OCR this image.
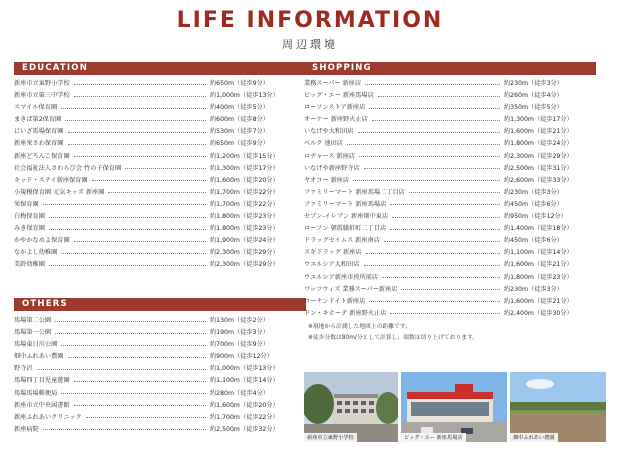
LIFE INFORMATION
周辺環境
EDUCATION
新座市立東野小学校	約650m（徒歩9分）
新座市立第三中学校	約1,000m（徒歩13分）
スマイル保育園	約400m（徒歩5分）
まきば第2保育園	約600m（徒歩8分）
にいざ馬場保育園	約530m（徒歩7分）
新座栄さわ保育園	約650m（徒歩9分）
新座どろんこ保育園	約1,200m（徒歩15分）
社会福祉法人さわらび会 竹の子保育園	約1,300m（徒歩17分）
キッド・ステイ新座保育園	約1,600m（徒歩20分）
小規模保育園 元気キッズ 新座園	約1,700m（徒歩22分）
栄保育園	約1,700m（徒歩22分）
白梅保育園	約1,800m（徒歩23分）
みき保育園	約1,800m（徒歩23分）
かやかなめよ保育園	約1,900m（徒歩24分）
なかよし幼稚園	約2,300m（徒歩29分）
美鈴幼稚園	約2,300m（徒歩29分）
OTHERS
馬場第二公園	約130m（徒歩2分）
馬場第一公園	約190m（徒歩3分）
馬場東日川公園	約700m（徒歩9分）
畑中ふれあい農園	約900m（徒歩12分）
野寺沢	約1,000m（徒歩13分）
馬場四丁目児童遊園	約1,100m（徒歩14分）
馬場馬場郵便局	約280m（徒歩4分）
新座市立中央図書館	約1,600m（徒歩20分）
新座ふれあいクリニック	約1,700m（徒歩22分）
新座病院	約2,500m（徒歩32分）
SHOPPING
業務スーパー 新座店	約230m（徒歩3分）
ビッグ・エー 新座馬場店	約260m（徒歩4分）
ローソンストア新座店	約350m（徒歩5分）
オーケー 新座野火止店	約1,300m（徒歩17分）
いなげや大和田店	約1,600m（徒歩21分）
ベルク 池田店	約1,800m（徒歩24分）
ロヂャース 新座店	約2,300m（徒歩29分）
いなげや新座野寺店	約2,500m（徒歩31分）
ヤオコー 新座店	約2,600m（徒歩33分）
ファミリーマート 新座馬場二丁目店	約230m（徒歩3分）
ファミリーマート 新座馬場店	約450m（徒歩6分）
セブン-イレブン 新座畑中東店	約950m（徒歩12分）
ローソン 朝霞膝折町二丁目店	約1,400m（徒歩18分）
ドラッグセイムス 新座南店	約450m（徒歩6分）
スギドラッグ 新座店	約1,100m（徒歩14分）
ウエルシア大和田店	約1,600m（徒歩21分）
ウエルシア新座市役所前店	約1,800m（徒歩23分）
ワッツウィズ 業務スーパー新座店	約230m（徒歩3分）
コーナンドイト新座店	約1,600m（徒歩21分）
ドン・キホーテ 新座野火止店	約2,400m（徒歩30分）
※現地から計測した地図上の距離です。
※徒歩分数は80m/分として計算し、端数は切り上げております。
新座市立東野小学校	ビッグ・エー 新座馬場店	畑中ふれあい農園
